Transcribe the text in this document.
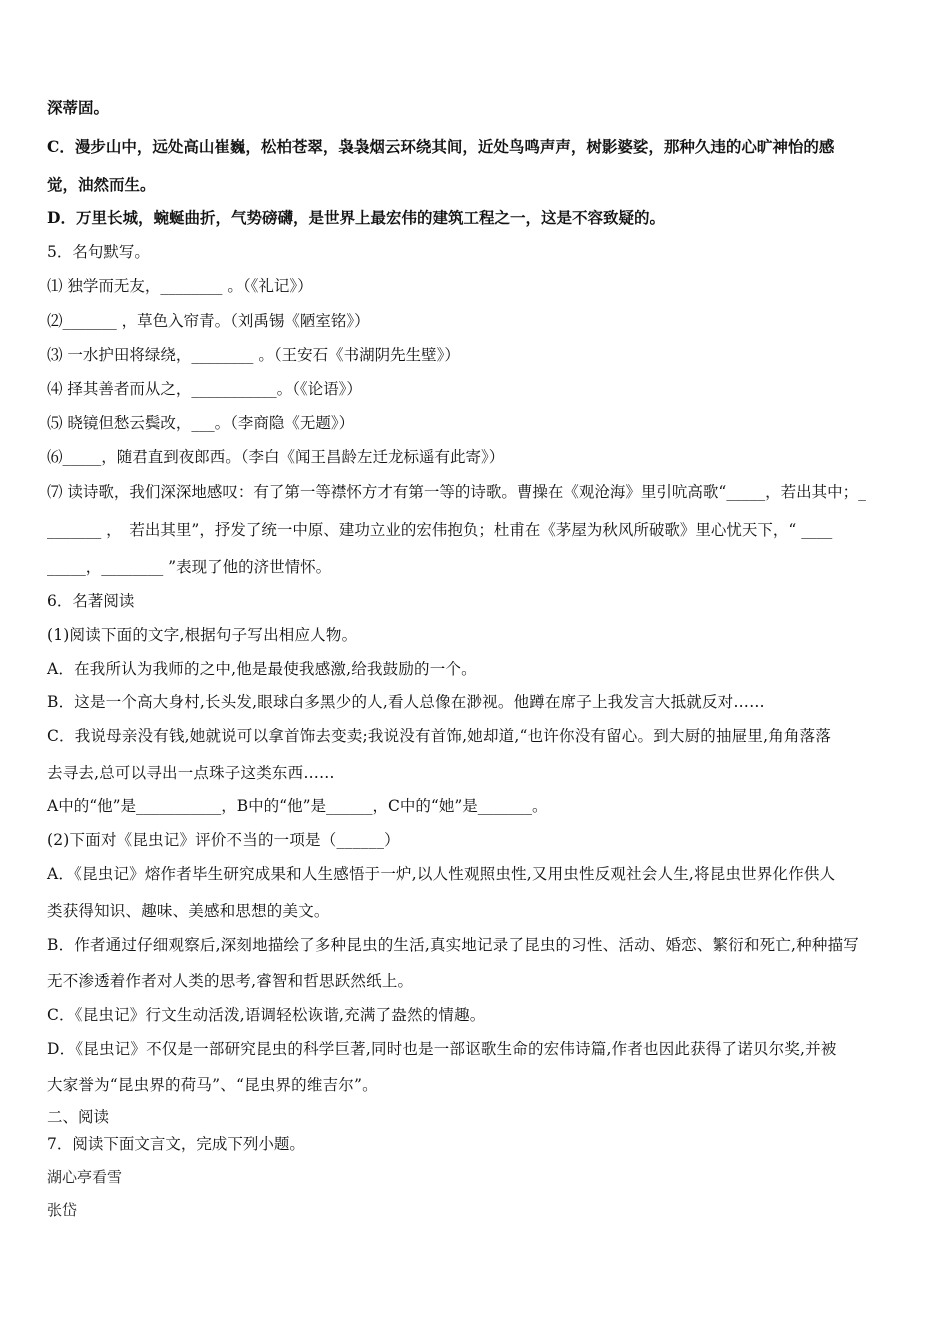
深蒂固。
C．漫步山中，远处高山崔巍，松柏苍翠，袅袅烟云环绕其间，近处鸟鸣声声，树影婆娑，那种久违的心旷神怡的感
觉，油然而生。
D．万里长城，蜿蜒曲折，气势磅礴，是世界上最宏伟的建筑工程之一，这是不容致疑的。
5．名句默写。
⑴ 独学而无友，________ 。（《礼记》）
⑵_______ ，草色入帘青。（刘禹锡《陋室铭》）
⑶ 一水护田将绿绕，________ 。（王安石《书湖阴先生壁》）
⑷ 择其善者而从之，___________。（《论语》）
⑸ 晓镜但愁云鬓改，___。（李商隐《无题》）
⑹_____，随君直到夜郎西。（李白《闻王昌龄左迁龙标遥有此寄》）
⑺ 读诗歌，我们深深地感叹：有了第一等襟怀方才有第一等的诗歌。曹操在《观沧海》里引吭高歌“_____，若出其中；_
_______ ，　若出其里”，抒发了统一中原、建功立业的宏伟抱负；杜甫在《茅屋为秋风所破歌》里心忧天下，“ ____
_____，________ ”表现了他的济世情怀。
6．名著阅读
(1)阅读下面的文字,根据句子写出相应人物。
A．在我所认为我师的之中,他是最使我感激,给我鼓励的一个。
B．这是一个高大身村,长头发,眼球白多黑少的人,看人总像在渺视。他蹲在席子上我发言大抵就反对……
C．我说母亲没有钱,她就说可以拿首饰去变卖;我说没有首饰,她却道,“也许你没有留心。到大厨的抽屉里,角角落落
去寻去,总可以寻出一点珠子这类东西……
A中的“他”是___________，B中的“他”是______，C中的“她”是_______。
(2)下面对《昆虫记》评价不当的一项是（______）
A．《昆虫记》熔作者毕生研究成果和人生感悟于一炉,以人性观照虫性,又用虫性反观社会人生,将昆虫世界化作供人
类获得知识、趣味、美感和思想的美文。
B．作者通过仔细观察后,深刻地描绘了多种昆虫的生活,真实地记录了昆虫的习性、活动、婚恋、繁衍和死亡,种种描写
无不渗透着作者对人类的思考,睿智和哲思跃然纸上。
C．《昆虫记》行文生动活泼,语调轻松诙谐,充满了盎然的情趣。
D．《昆虫记》不仅是一部研究昆虫的科学巨著,同时也是一部讴歌生命的宏伟诗篇,作者也因此获得了诺贝尔奖,并被
大家誉为“昆虫界的荷马”、“昆虫界的维吉尔”。
二、阅读
7．阅读下面文言文，完成下列小题。
湖心亭看雪
张岱
